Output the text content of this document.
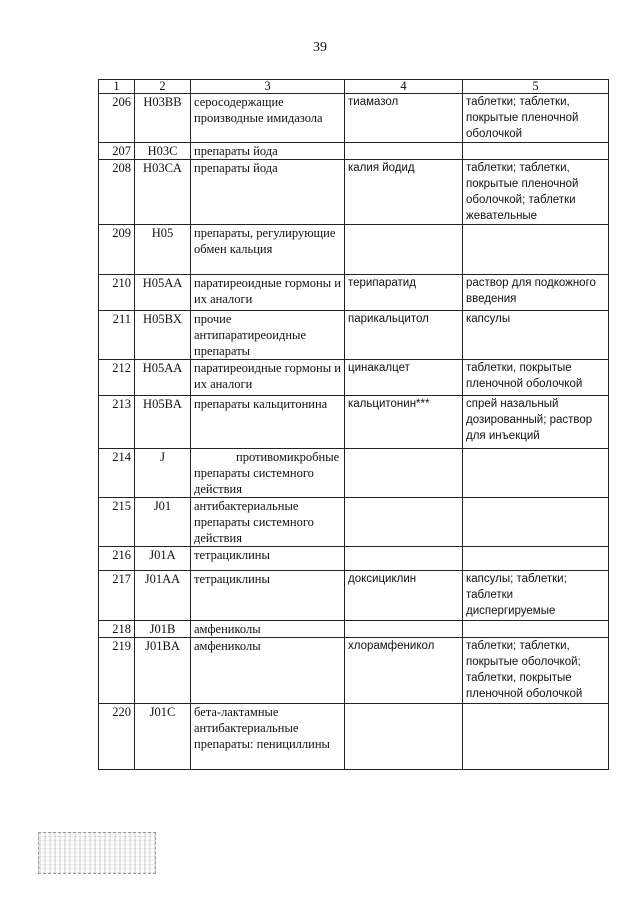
39
1	2	3	4	5
206	H03BB	серосодержащие производные имидазола	тиамазол	таблетки; таблетки, покрытые пленочной оболочкой
207	H03C	препараты йода		
208	H03CA	препараты йода	калия йодид	таблетки; таблетки, покрытые пленочной оболочкой; таблетки жевательные
209	H05	препараты, регулирующие обмен кальция		
210	H05AA	паратиреоидные гормоны и их аналоги	терипаратид	раствор для подкожного введения
211	H05BX	прочие антипаратиреоидные препараты	парикальцитол	капсулы
212	H05AA	паратиреоидные гормоны и их аналоги	цинакалцет	таблетки, покрытые пленочной оболочкой
213	H05BA	препараты кальцитонина	кальцитонин***	спрей назальный дозированный; раствор для инъекций
214	J	противомикробные препараты системного действия		
215	J01	антибактериальные препараты системного действия		
216	J01A	тетрациклины		
217	J01AA	тетрациклины	доксициклин	капсулы; таблетки; таблетки диспергируемые
218	J01B	амфениколы		
219	J01BA	амфениколы	хлорамфеникол	таблетки; таблетки, покрытые оболочкой; таблетки, покрытые пленочной оболочкой
220	J01C	бета-лактамные антибактериальные препараты: пенициллины		
